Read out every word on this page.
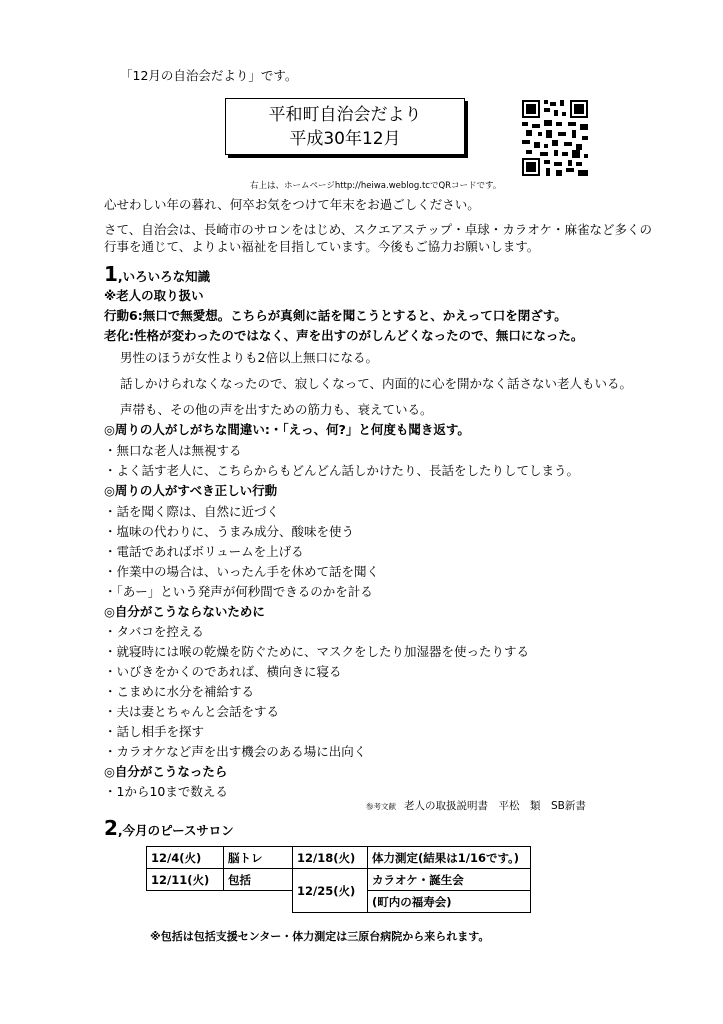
「12月の自治会だより」です。
平和町自治会だより
平成30年12月
右上は、ホームページhttp://heiwa.weblog.tcでQRコードです。
心せわしい年の暮れ、何卒お気をつけて年末をお過ごしください。
さて、自治会は、長崎市のサロンをはじめ、スクエアステップ・卓球・カラオケ・麻雀など多くの
行事を通じて、よりよい福祉を目指しています。今後もご協力お願いします。
1,いろいろな知識
※老人の取り扱い
行動6:無口で無愛想。こちらが真剣に話を聞こうとすると、かえって口を閉ざす。
老化:性格が変わったのではなく、声を出すのがしんどくなったので、無口になった。
男性のほうが女性よりも2倍以上無口になる。
話しかけられなくなったので、寂しくなって、内面的に心を開かなく話さない老人もいる。
声帯も、その他の声を出すための筋力も、衰えている。
◎周りの人がしがちな間違い:・「えっ、何?」と何度も聞き返す。
・無口な老人は無視する
・よく話す老人に、こちらからもどんどん話しかけたり、長話をしたりしてしまう。
◎周りの人がすべき正しい行動
・話を聞く際は、自然に近づく
・塩味の代わりに、うまみ成分、酸味を使う
・電話であればボリュームを上げる
・作業中の場合は、いったん手を休めて話を聞く
・「あー」という発声が何秒間できるのかを計る
◎自分がこうならないために
・タバコを控える
・就寝時には喉の乾燥を防ぐために、マスクをしたり加湿器を使ったりする
・いびきをかくのであれば、横向きに寝る
・こまめに水分を補給する
・夫は妻とちゃんと会話をする
・話し相手を探す
・カラオケなど声を出す機会のある場に出向く
◎自分がこうなったら
・1から10まで数える
参考文献 老人の取扱説明書　平松　類　SB新書
2,今月のピースサロン
12/4(火)	脳トレ	12/18(火)	体力測定(結果は1/16です。)
12/11(火)	包括	12/25(火)	カラオケ・誕生会
			(町内の福寿会)
※包括は包括支援センター・体力測定は三原台病院から来られます。
